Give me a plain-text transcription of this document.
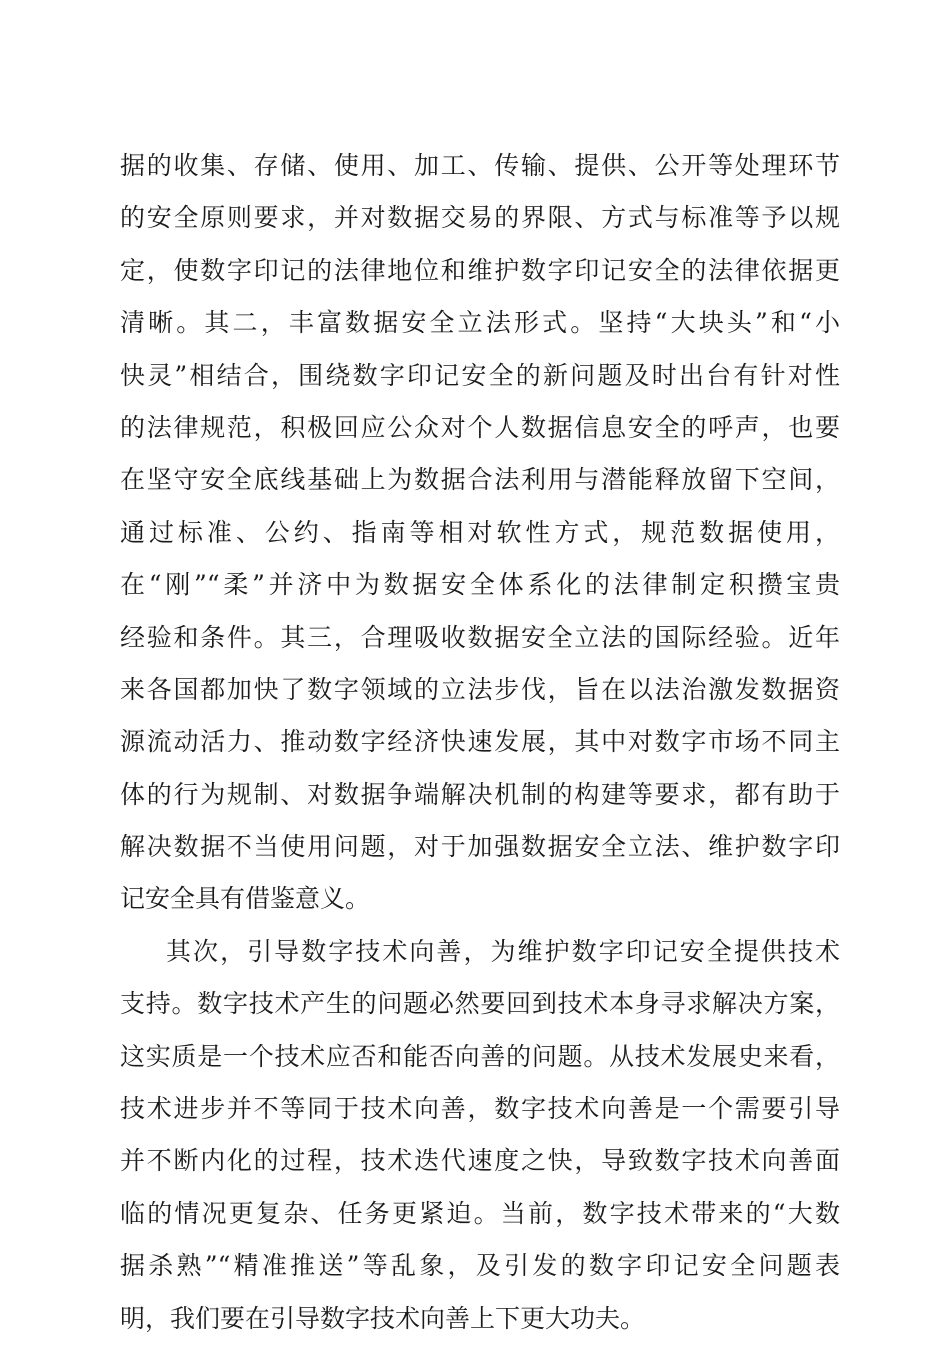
据的收集、存储、使用、加工、传输、提供、公开等处理环节
的安全原则要求，并对数据交易的界限、方式与标准等予以规
定，使数字印记的法律地位和维护数字印记安全的法律依据更
清晰。其二，丰富数据安全立法形式。坚持“大块头”和“小
快灵”相结合，围绕数字印记安全的新问题及时出台有针对性
的法律规范，积极回应公众对个人数据信息安全的呼声，也要
在坚守安全底线基础上为数据合法利用与潜能释放留下空间，
通过标准、公约、指南等相对软性方式，规范数据使用，
在“刚”“柔”并济中为数据安全体系化的法律制定积攒宝贵
经验和条件。其三，合理吸收数据安全立法的国际经验。近年
来各国都加快了数字领域的立法步伐，旨在以法治激发数据资
源流动活力、推动数字经济快速发展，其中对数字市场不同主
体的行为规制、对数据争端解决机制的构建等要求，都有助于
解决数据不当使用问题，对于加强数据安全立法、维护数字印
记安全具有借鉴意义。
其次，引导数字技术向善，为维护数字印记安全提供技术
支持。数字技术产生的问题必然要回到技术本身寻求解决方案，
这实质是一个技术应否和能否向善的问题。从技术发展史来看，
技术进步并不等同于技术向善，数字技术向善是一个需要引导
并不断内化的过程，技术迭代速度之快，导致数字技术向善面
临的情况更复杂、任务更紧迫。当前，数字技术带来的“大数
据杀熟”“精准推送”等乱象，及引发的数字印记安全问题表
明，我们要在引导数字技术向善上下更大功夫。
